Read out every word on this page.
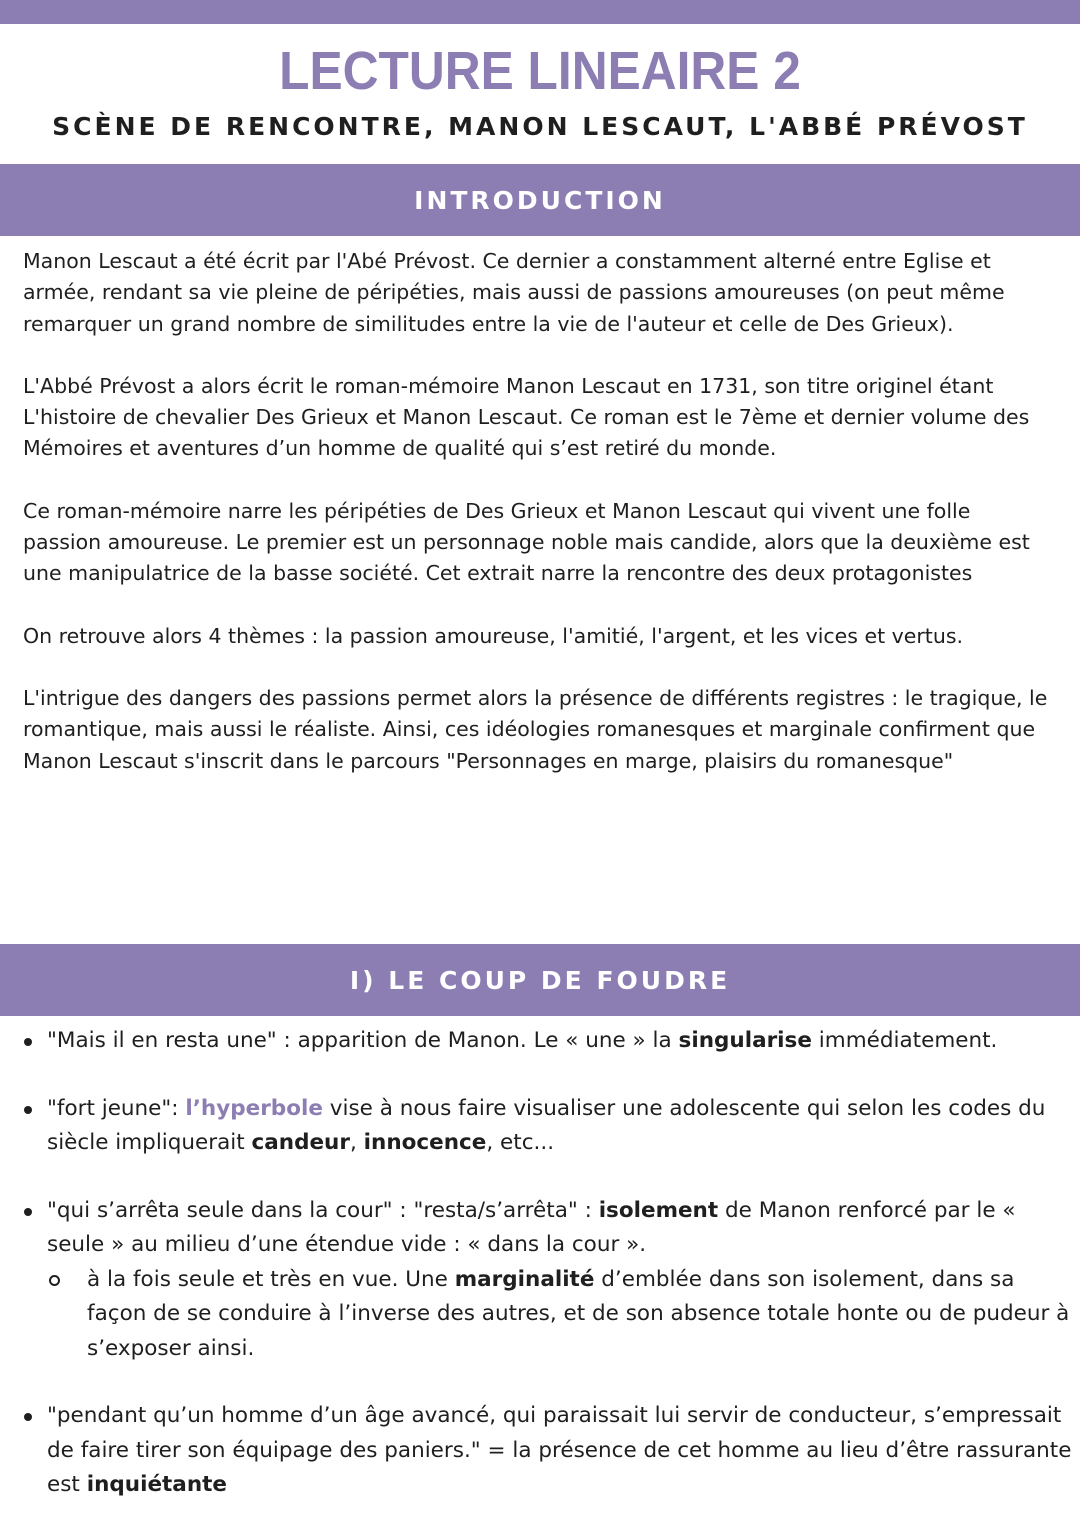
LECTURE LINEAIRE 2
SCÈNE DE RENCONTRE, MANON LESCAUT, L'ABBÉ PRÉVOST
INTRODUCTION

Manon Lescaut a été écrit par l'Abé Prévost. Ce dernier a constamment alterné entre Eglise et armée, rendant sa vie pleine de péripéties, mais aussi de passions amoureuses (on peut même remarquer un grand nombre de similitudes entre la vie de l'auteur et celle de Des Grieux).

L'Abbé Prévost a alors écrit le roman-mémoire Manon Lescaut en 1731, son titre originel étant L'histoire de chevalier Des Grieux et Manon Lescaut. Ce roman est le 7ème et dernier volume des Mémoires et aventures d’un homme de qualité qui s’est retiré du monde.

Ce roman-mémoire narre les péripéties de Des Grieux et Manon Lescaut qui vivent une folle passion amoureuse. Le premier est un personnage noble mais candide, alors que la deuxième est une manipulatrice de la basse société. Cet extrait narre la rencontre des deux protagonistes

On retrouve alors 4 thèmes : la passion amoureuse, l'amitié, l'argent, et les vices et vertus.

L'intrigue des dangers des passions permet alors la présence de différents registres : le tragique, le romantique, mais aussi le réaliste. Ainsi, ces idéologies romanesques et marginale confirment que Manon Lescaut s'inscrit dans le parcours "Personnages en marge, plaisirs du romanesque"

I) LE COUP DE FOUDRE
"Mais il en resta une" : apparition de Manon. Le « une » la singularise immédiatement.
"fort jeune": l’hyperbole vise à nous faire visualiser une adolescente qui selon les codes du siècle impliquerait candeur, innocence, etc...
"qui s’arrêta seule dans la cour" : "resta/s’arrêta" : isolement de Manon renforcé par le « seule » au milieu d’une étendue vide : « dans la cour ».
à la fois seule et très en vue. Une marginalité d’emblée dans son isolement, dans sa façon de se conduire à l’inverse des autres, et de son absence totale honte ou de pudeur à s’exposer ainsi.
"pendant qu’un homme d’un âge avancé, qui paraissait lui servir de conducteur, s’empressait de faire tirer son équipage des paniers." = la présence de cet homme au lieu d’être rassurante est inquiétante
